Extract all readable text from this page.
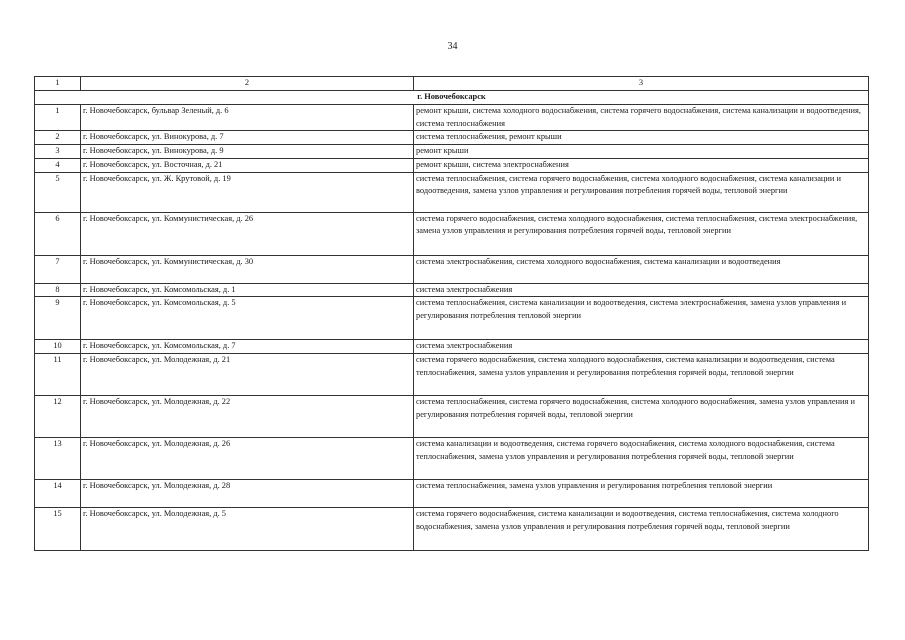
34
1	2	3
г. Новочебоксарск		
1	г. Новочебоксарск, бульвар Зеленый, д. 6	ремонт крыши, система холодного водоснабжения, система горячего водоснабжения, система канализации и водоотведения, система теплоснабжения
2	г. Новочебоксарск, ул. Винокурова, д. 7	система теплоснабжения, ремонт крыши
3	г. Новочебоксарск, ул. Винокурова, д. 9	ремонт крыши
4	г. Новочебоксарск, ул. Восточная, д. 21	ремонт крыши, система электроснабжения
5	г. Новочебоксарск, ул. Ж. Крутовой, д. 19	система теплоснабжения, система горячего водоснабжения, система холодного водоснабжения, система канализации и водоотведения, замена узлов управления и регулирования потребления горячей воды, тепловой энергии
6	г. Новочебоксарск, ул. Коммунистическая, д. 26	система горячего водоснабжения, система холодного водоснабжения, система теплоснабжения, система электроснабжения, замена узлов управления и регулирования потребления горячей воды, тепловой энергии
7	г. Новочебоксарск, ул. Коммунистическая, д. 30	система электроснабжения, система холодного водоснабжения, система канализации и водоотведения
8	г. Новочебоксарск, ул. Комсомольская, д. 1	система электроснабжения
9	г. Новочебоксарск, ул. Комсомольская, д. 5	система теплоснабжения, система канализации и водоотведения, система электроснабжения, замена узлов управления и регулирования потребления тепловой энергии
10	г. Новочебоксарск, ул. Комсомольская, д. 7	система электроснабжения
11	г. Новочебоксарск, ул. Молодежная, д. 21	система горячего водоснабжения, система холодного водоснабжения, система канализации и водоотведения, система теплоснабжения, замена узлов управления и регулирования потребления горячей воды, тепловой энергии
12	г. Новочебоксарск, ул. Молодежная, д. 22	система теплоснабжения, система горячего водоснабжения, система холодного водоснабжения, замена узлов управления и регулирования потребления горячей воды, тепловой энергии
13	г. Новочебоксарск, ул. Молодежная, д. 26	система канализации и водоотведения, система горячего водоснабжения, система холодного водоснабжения, система теплоснабжения, замена узлов управления и регулирования потребления горячей воды, тепловой энергии
14	г. Новочебоксарск, ул. Молодежная, д. 28	система теплоснабжения, замена узлов управления и регулирования потребления тепловой энергии
15	г. Новочебоксарск, ул. Молодежная, д. 5	система горячего водоснабжения, система канализации и водоотведения, система теплоснабжения, система холодного водоснабжения, замена узлов управления и регулирования потребления горячей воды, тепловой энергии
